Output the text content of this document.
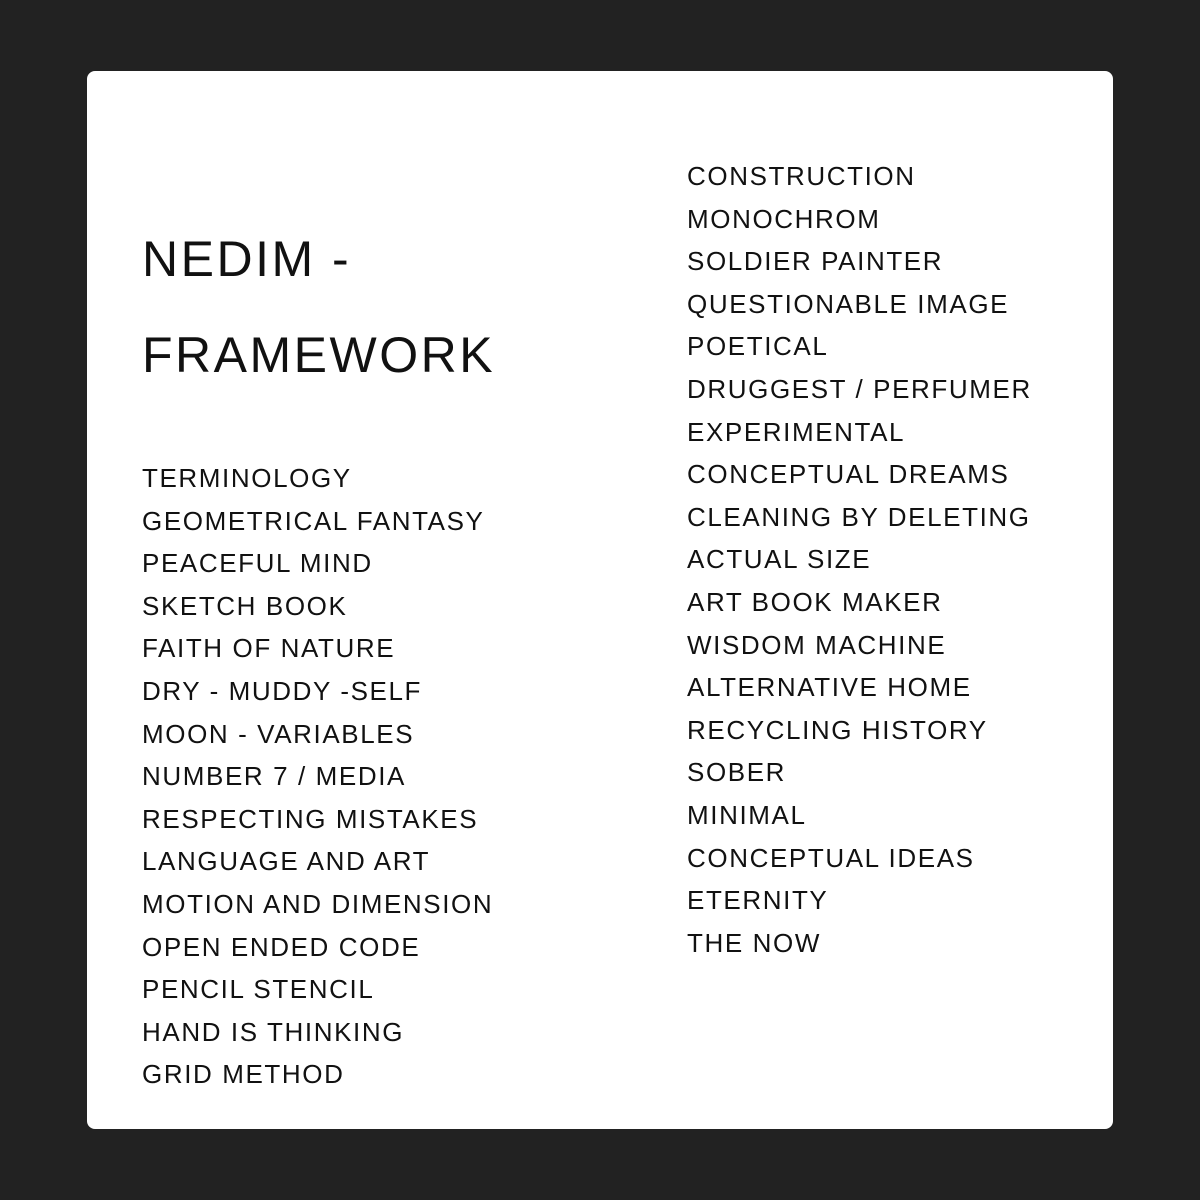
NEDIM -
FRAMEWORK
TERMINOLOGY
GEOMETRICAL FANTASY
PEACEFUL MIND
SKETCH BOOK
FAITH OF NATURE
DRY - MUDDY -SELF
MOON - VARIABLES
NUMBER 7 / MEDIA
RESPECTING MISTAKES
LANGUAGE AND ART
MOTION AND DIMENSION
OPEN ENDED CODE
PENCIL STENCIL
HAND IS THINKING
GRID METHOD
CONSTRUCTION
MONOCHROM
SOLDIER PAINTER
QUESTIONABLE IMAGE
POETICAL
DRUGGEST / PERFUMER
EXPERIMENTAL
CONCEPTUAL DREAMS
CLEANING BY DELETING
ACTUAL SIZE
ART BOOK MAKER
WISDOM MACHINE
ALTERNATIVE HOME
RECYCLING HISTORY
SOBER
MINIMAL
CONCEPTUAL IDEAS
ETERNITY
THE NOW
